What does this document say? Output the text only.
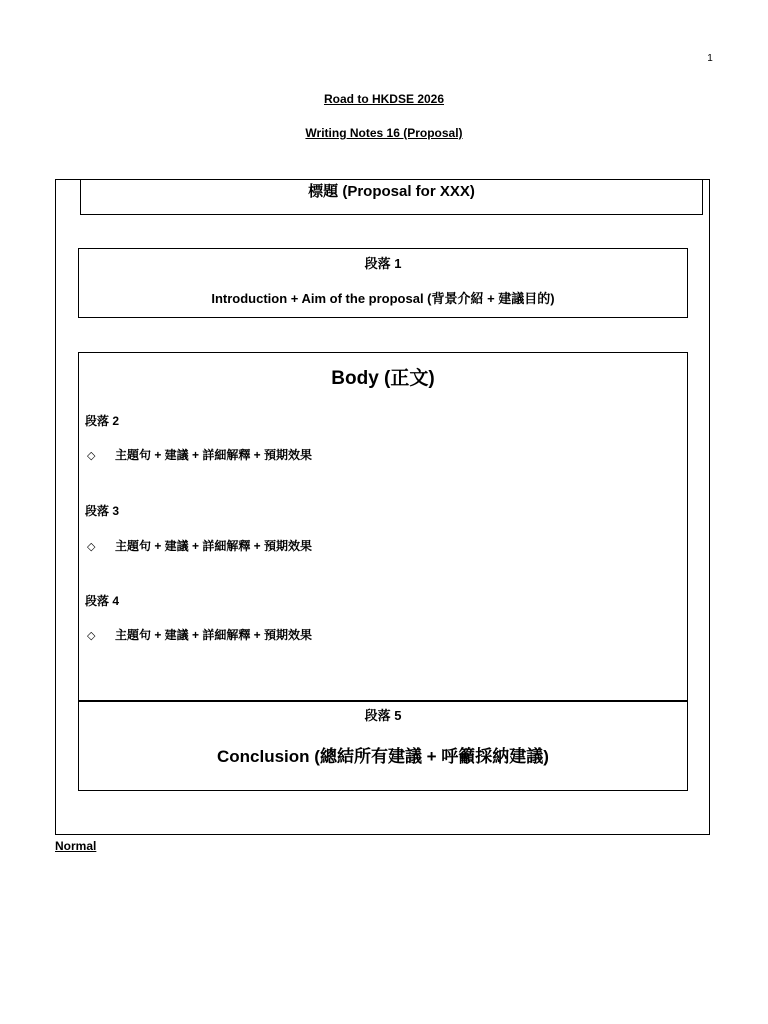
1
Road to HKDSE 2026
Writing Notes 16 (Proposal)
標題 (Proposal for XXX)
段落 1
Introduction + Aim of the proposal (背景介紹 + 建議目的)
Body (正文)
段落 2
◇ 主題句 + 建議 + 詳細解釋 + 預期效果
段落 3
◇ 主題句 + 建議 + 詳細解釋 + 預期效果
段落 4
◇ 主題句 + 建議 + 詳細解釋 + 預期效果
段落 5
Conclusion (總結所有建議 + 呼籲採納建議)
Normal
